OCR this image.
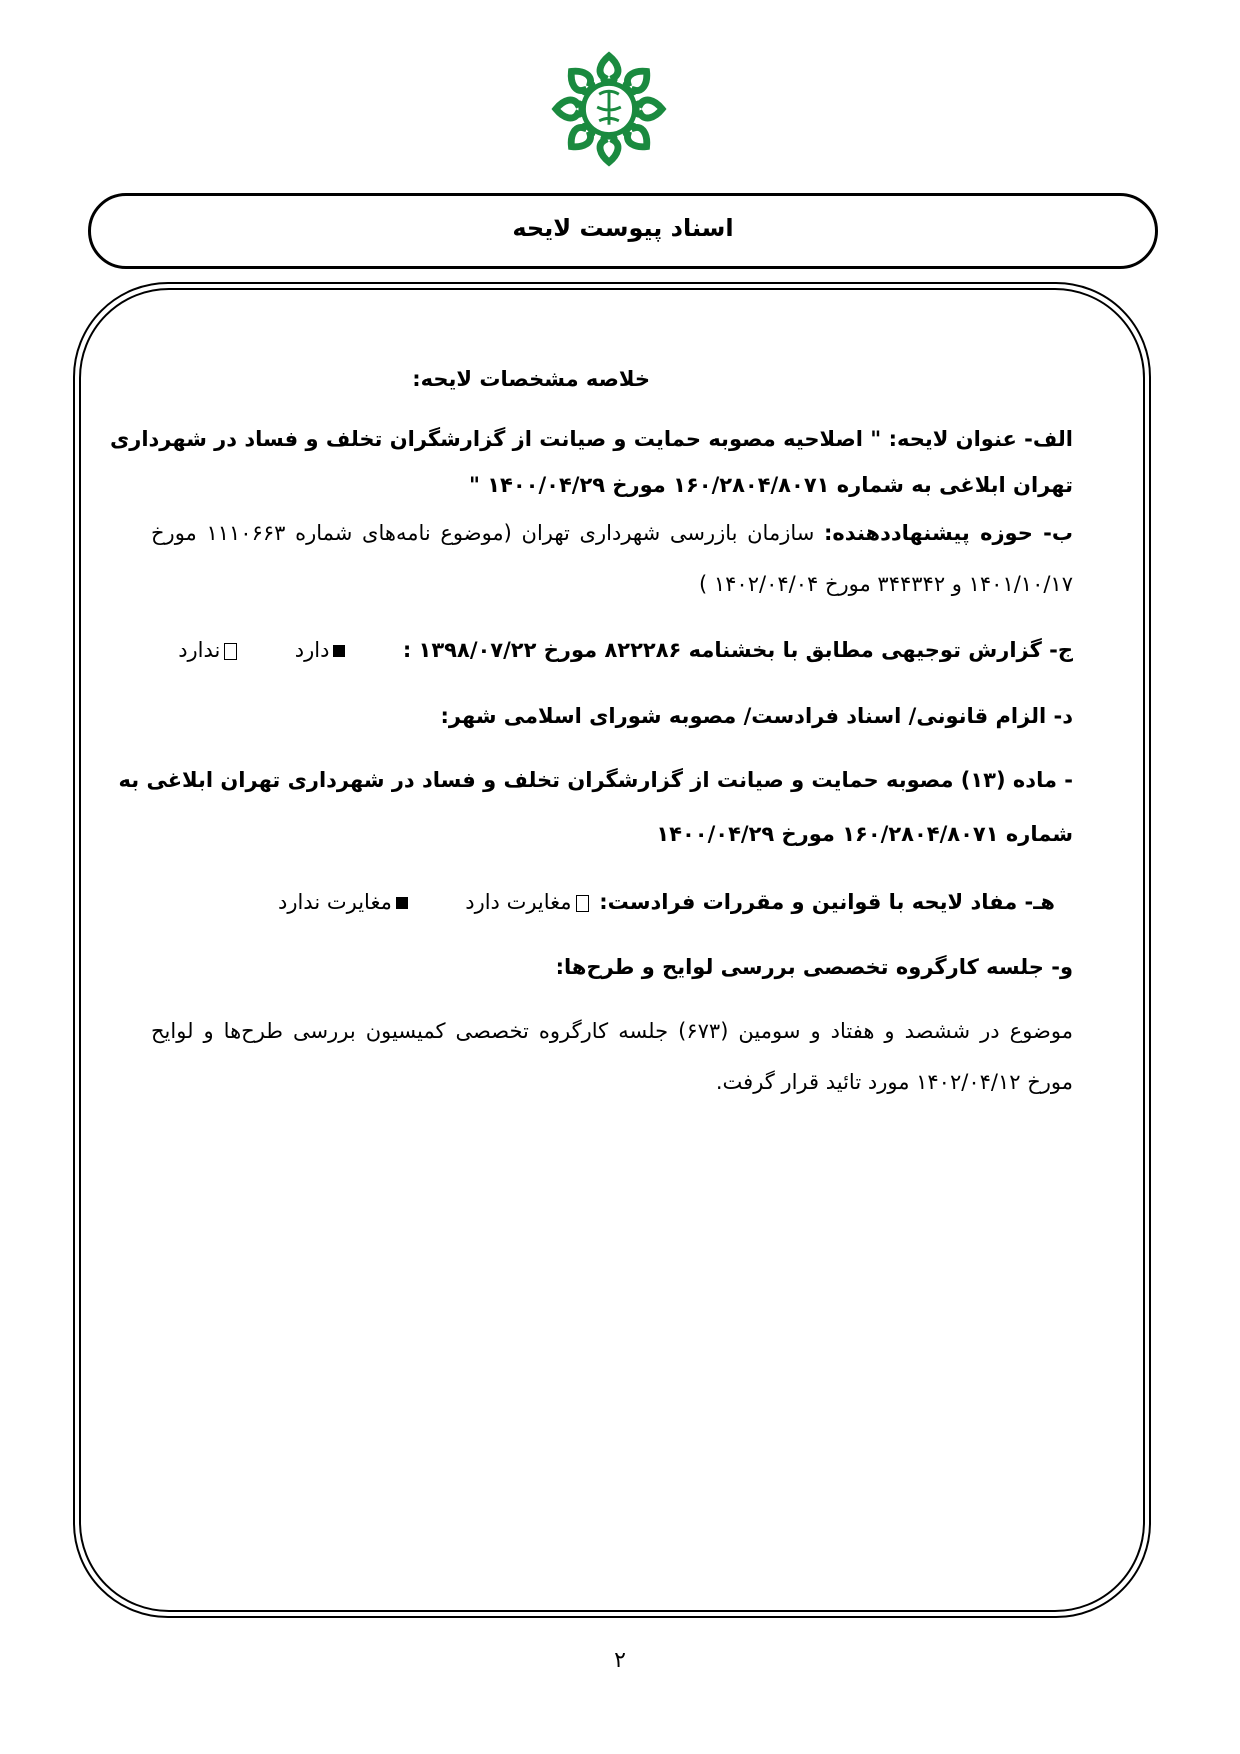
اسناد پیوست لایحه
خلاصه مشخصات لایحه:
الف- عنوان لایحه: " اصلاحیه مصوبه حمایت و صیانت از گزارشگران تخلف و فساد در شهرداری
تهران ابلاغی به شماره ۱۶۰/۲۸۰۴/۸۰۷۱ مورخ ۱۴۰۰/۰۴/۲۹ "
ب- حوزه پیشنهاددهنده: سازمان بازرسی شهرداری تهران (موضوع نامه‌های شماره ۱۱۱۰۶۶۳ مورخ
۱۴۰۱/۱۰/۱۷ و ۳۴۴۳۴۲ مورخ ۱۴۰۲/۰۴/۰۴ )
ج- گزارش توجیهی مطابق با بخشنامه ۸۲۲۲۸۶ مورخ ۱۳۹۸/۰۷/۲۲ :  دارد  ندارد
د- الزام قانونی/ اسناد فرادست/ مصوبه شورای اسلامی شهر:
- ماده (۱۳) مصوبه حمایت و صیانت از گزارشگران تخلف و فساد در شهرداری تهران ابلاغی به
شماره ۱۶۰/۲۸۰۴/۸۰۷۱ مورخ ۱۴۰۰/۰۴/۲۹
هـ- مفاد لایحه با قوانین و مقررات فرادست: مغایرت دارد  مغایرت ندارد
و- جلسه کارگروه تخصصی بررسی لوایح و طرح‌ها:
موضوع در ششصد و هفتاد و سومین (۶۷۳) جلسه کارگروه تخصصی کمیسیون بررسی طرح‌ها و لوایح
مورخ ۱۴۰۲/۰۴/۱۲ مورد تائید قرار گرفت.
۲
